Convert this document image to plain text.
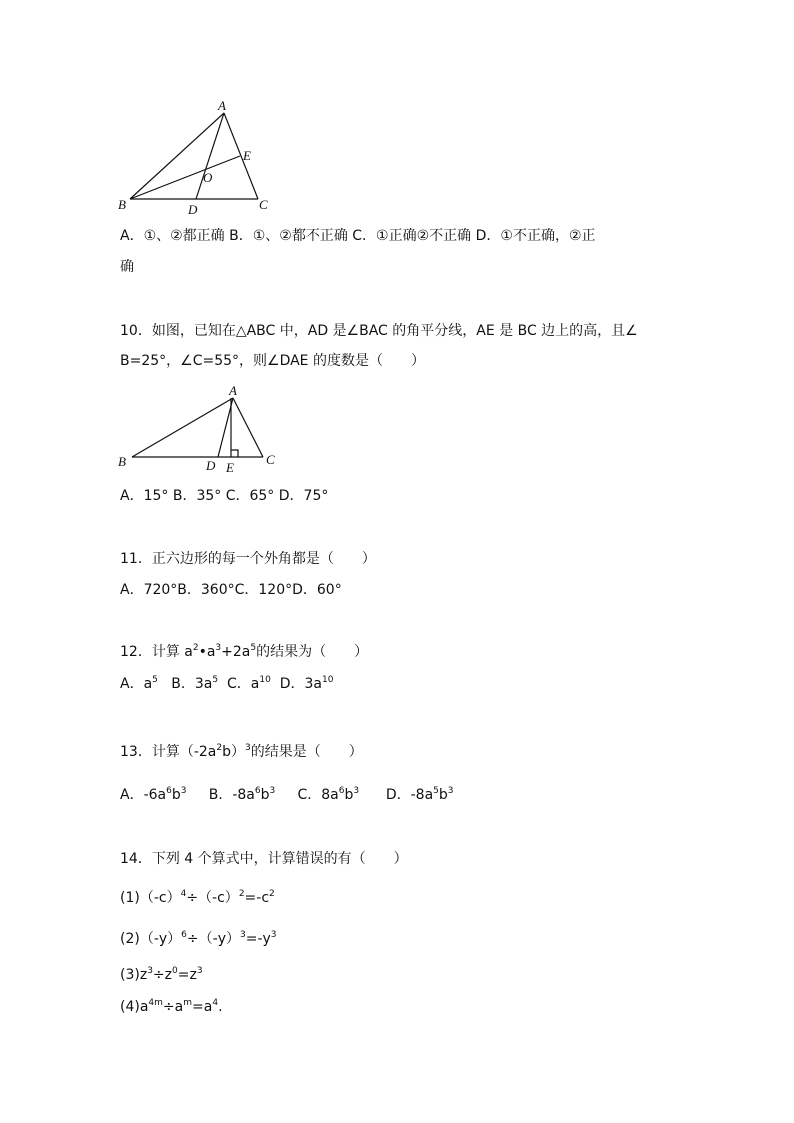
A
B	C
D
E
O
A
B	C
D E
A．①、②都正确 B．①、②都不正确 C．①正确②不正确 D．①不正确，②正
确
10．如图，已知在△ABC 中，AD 是∠BAC 的角平分线，AE 是 BC 边上的高，且∠
B=25°，∠C=55°，则∠DAE 的度数是（　　）
A．15° B．35° C．65° D．75°
11．正六边形的每一个外角都是（　　）
A．720°B．360°C．120°D．60°
12．计算 $a^2•a^3+2a^5$的结果为（　　）
A．$a^5$   B．$3a^5$  C．$a^{10}$  D．$3a^{10}$
13．计算$(-2a^2b)^3$的结果是（　　）
A．$-6a^6b^3$     B．$-8a^6b^3$     C．$8a^6b^3$      D．$-8a^5b^3$
14．下列 4 个算式中，计算错误的有（　　）
$(1)(-c)^4\div(-c)^2=-c^2$
$(2)(-y)^6\div(-y)^3=-y^3$
$(3)z^3\div z^0=z^3$
$(4)a^{4m}\div a^m=a^4$.
